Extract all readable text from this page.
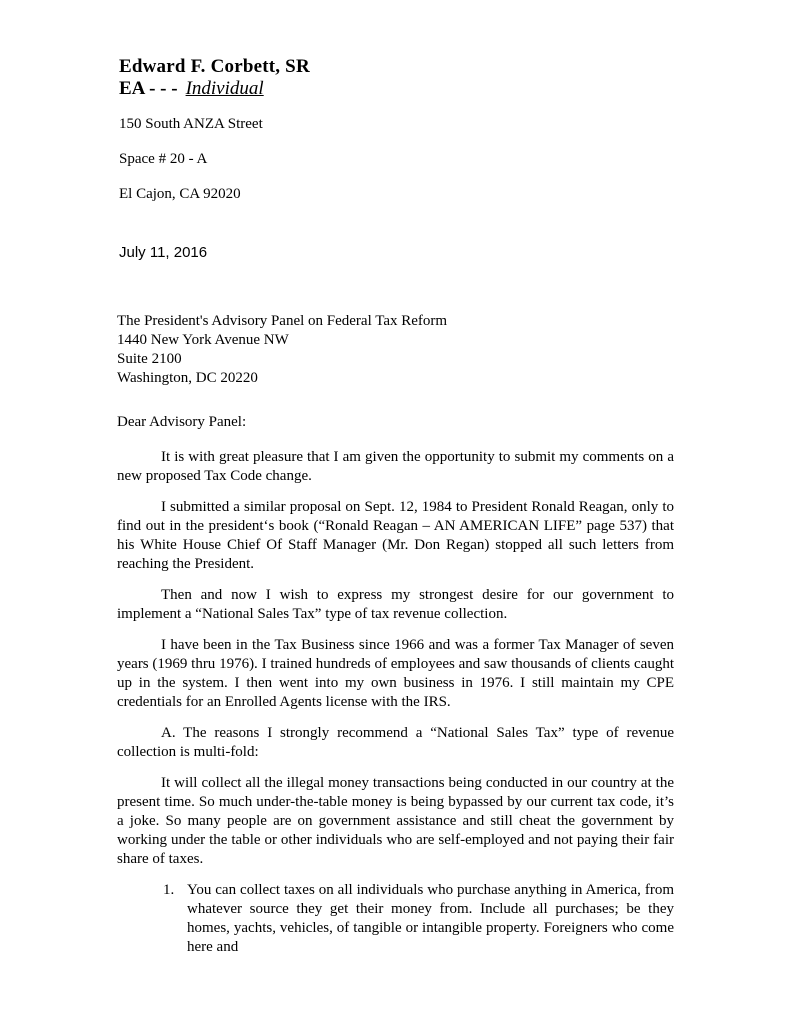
Edward F. Corbett, SR
EA - - - Individual
150 South ANZA Street
Space # 20 - A
El Cajon, CA 92020
July 11, 2016
The President's Advisory Panel on Federal Tax Reform
1440 New York Avenue NW
Suite 2100
Washington, DC 20220
Dear Advisory Panel:

It is with great pleasure that I am given the opportunity to submit my comments on a new proposed Tax Code change.

I submitted a similar proposal on Sept. 12, 1984 to President Ronald Reagan, only to find out in the president‘s book (“Ronald Reagan – AN AMERICAN LIFE” page 537) that his White House Chief Of Staff Manager (Mr. Don Regan) stopped all such letters from reaching the President.

Then and now I wish to express my strongest desire for our government to implement a “National Sales Tax” type of tax revenue collection.

I have been in the Tax Business since 1966 and was a former Tax Manager of seven years (1969 thru 1976). I trained hundreds of employees and saw thousands of clients caught up in the system. I then went into my own business in 1976. I still maintain my CPE credentials for an Enrolled Agents license with the IRS.

A. The reasons I strongly recommend a “National Sales Tax” type of revenue collection is multi-fold:

It will collect all the illegal money transactions being conducted in our country at the present time. So much under-the-table money is being bypassed by our current tax code, it’s a joke. So many people are on government assistance and still cheat the government by working under the table or other individuals who are self-employed and not paying their fair share of taxes.

1. You can collect taxes on all individuals who purchase anything in America, from whatever source they get their money from. Include all purchases; be they homes, yachts, vehicles, of tangible or intangible property. Foreigners who come here and
